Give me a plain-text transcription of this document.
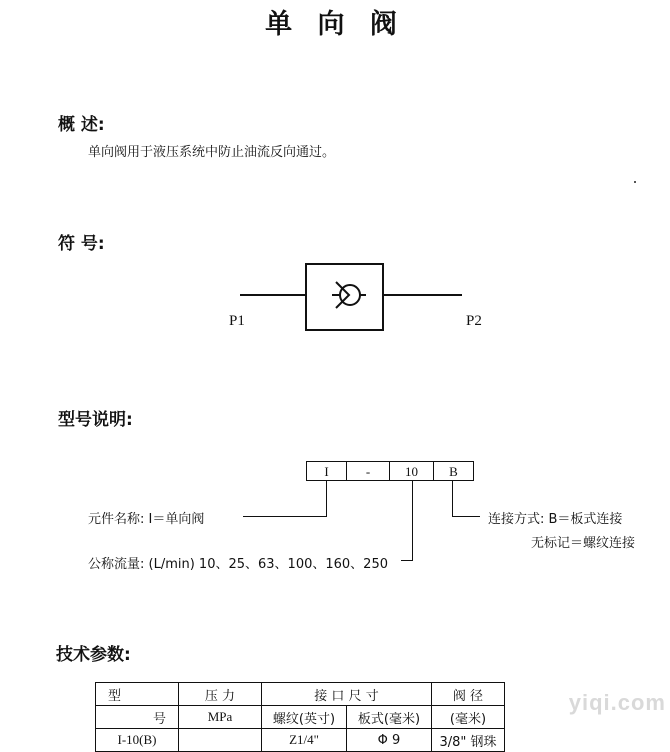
单 向 阀
概 述:
单向阀用于液压系统中防止油流反向通过。
符 号:
P1	P2
型号说明:
I	-	10	B
元件名称: I＝单向阀
公称流量: (L/min) 10、25、63、100、160、250
连接方式: B＝板式连接
无标记＝螺纹连接
技术参数:
型	压 力	接 口 尺 寸		阀 径
号	MPa	螺纹(英寸)	板式(毫米)	(毫米)
I-10(B)		Z1/4"	Φ 9	3/8" 钢珠
yiqi.com
